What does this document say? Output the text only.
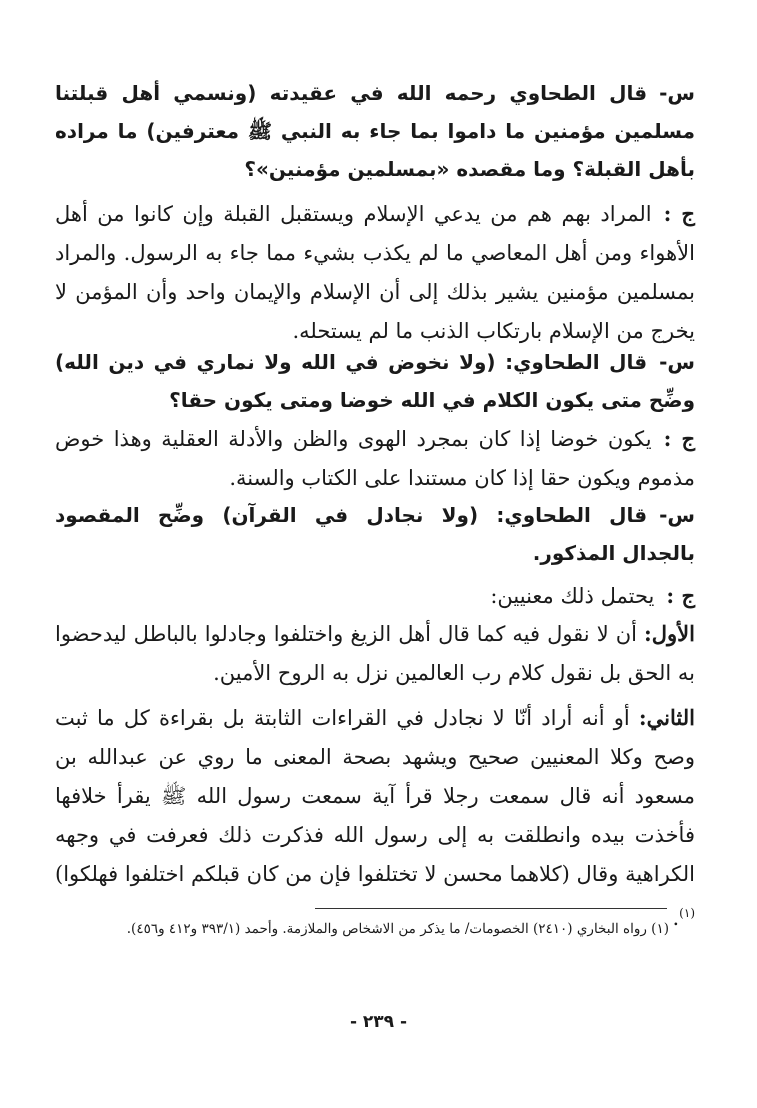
س-قال الطحاوي رحمه الله في عقيدته (ونسمي أهل قبلتنا مسلمين مؤمنين ما داموا بما جاء به النبي ﷺ معترفين) ما مراده بأهل القبلة؟ وما مقصده «بمسلمين مؤمنين»؟
ج :المراد بهم هم من يدعي الإسلام ويستقبل القبلة وإن كانوا من أهل الأهواء ومن أهل المعاصي ما لم يكذب بشيء مما جاء به الرسول. والمراد بمسلمين مؤمنين يشير بذلك إلى أن الإسلام والإيمان واحد وأن المؤمن لا يخرج من الإسلام بارتكاب الذنب ما لم يستحله.
س-قال الطحاوي: (ولا نخوض في الله ولا نماري في دين الله) وضِّح متى يكون الكلام في الله خوضا ومتى يكون حقا؟
ج :يكون خوضا إذا كان بمجرد الهوى والظن والأدلة العقلية وهذا خوض مذموم ويكون حقا إذا كان مستندا على الكتاب والسنة.
س-قال الطحاوي: (ولا نجادل في القرآن) وضِّح المقصود بالجدال المذكور.
ج :يحتمل ذلك معنيين:
الأول: أن لا نقول فيه كما قال أهل الزيغ واختلفوا وجادلوا بالباطل ليدحضوا به الحق بل نقول كلام رب العالمين نزل به الروح الأمين.
الثاني: أو أنه أراد أنّا لا نجادل في القراءات الثابتة بل بقراءة كل ما ثبت وصح وكلا المعنيين صحيح ويشهد بصحة المعنى ما روي عن عبدالله بن مسعود أنه قال سمعت رجلا قرأ آية سمعت رسول الله ﷺ يقرأ خلافها فأخذت بيده وانطلقت به إلى رسول الله فذكرت ذلك فعرفت في وجهه الكراهية وقال (كلاهما محسن لا تختلفوا فإن من كان قبلكم اختلفوا فهلكوا)$^{(١)}$.
(١) رواه البخاري (٢٤١٠) الخصومات/ ما يذكر من الاشخاص والملازمة. وأحمد (٣٩٣/١ و٤١٢ و٤٥٦).
- ٢٣٩ -
